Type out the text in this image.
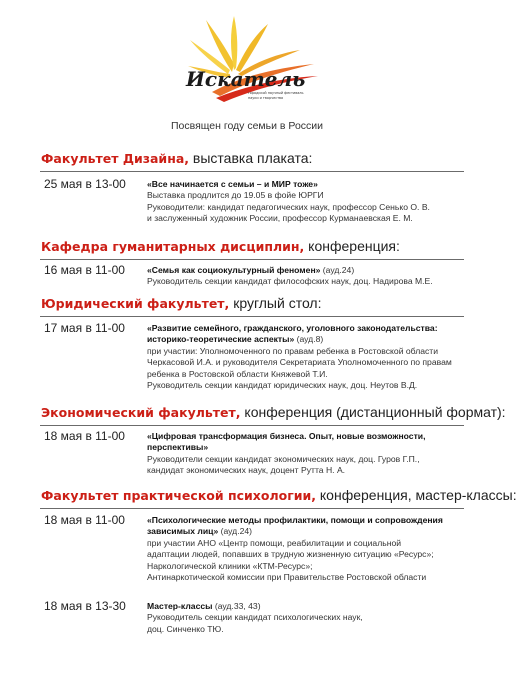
Искатель
городской научный фестиваль
науки и творчества
Посвящен году семьи в России
Факультет Дизайна, выставка плаката:
25 мая в 13-00 «Все начинается с семьи – и МИР тоже»
Выставка продлится до 19.05 в фойе ЮРГИ
Руководители: кандидат педагогических наук, профессор Сенько О. В.
и заслуженный художник России, профессор Курманаевская Е. М.
Кафедра гуманитарных дисциплин, конференция:
16 мая в 11-00	«Семья как социокультурный феномен» (ауд.24)
Руководитель секции кандидат философских наук, доц. Надирова М.Е.
Юридический факультет, круглый стол:
17 мая в 11-00	«Развитие семейного, гражданского, уголовного законодательства:
историко-теоретические аспекты» (ауд.8)
при участии: Уполномоченного по правам ребенка в Ростовской области
Черкасовой И.А. и руководителя Секретариата Уполномоченного по правам
ребенка в Ростовской области Княжевой Т.И.
Руководитель секции кандидат юридических наук, доц. Неутов В.Д.
Экономический факультет, конференция (дистанционный формат):
18 мая в 11-00	«Цифровая трансформация бизнеса. Опыт, новые возможности,
перспективы»
Руководители секции кандидат экономических наук, доц. Гуров Г.П.,
кандидат экономических наук, доцент Рутта Н. А.
Факультет практической психологии, конференция, мастер-классы:
18 мая в 11-00	«Психологические методы профилактики, помощи и сопровождения
зависимых лиц» (ауд.24)
при участии АНО «Центр помощи, реабилитации и социальной
адаптации людей, попавших в трудную жизненную ситуацию «Ресурс»;
Наркологической клиники «КТМ-Ресурс»;
Антинаркотической комиссии при Правительстве Ростовской области
18 мая в 13-30 Мастер-классы (ауд.33, 43)
Руководитель секции кандидат психологических наук,
доц. Синченко ТЮ.
